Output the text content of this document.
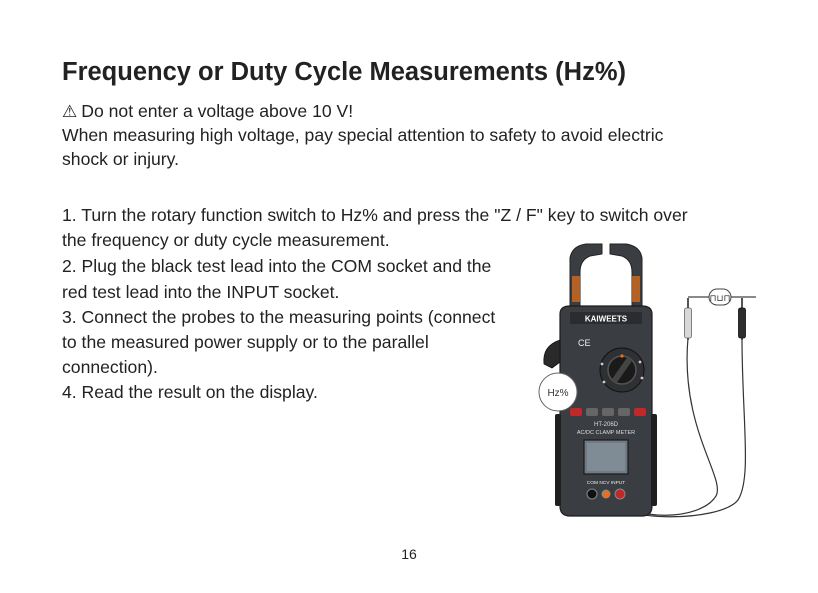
Frequency or Duty Cycle Measurements (Hz%)
⚠ Do not enter a voltage above 10 V!
When measuring high voltage, pay special attention to safety to avoid electric
shock or injury.
1. Turn the rotary function switch to Hz% and press the "Z / F" key to switch over
the frequency or duty cycle measurement.
2. Plug the black test lead into the COM socket and the
red test lead into the INPUT socket.
3. Connect the probes to the measuring points (connect
to the measured power supply or to the parallel
connection).
4. Read the result on the display.
⊓⊔⊓
KAIWEETS
CE
HT-206D
AC/DC CLAMP METER
COM NCV INPUT
Hz%
16
